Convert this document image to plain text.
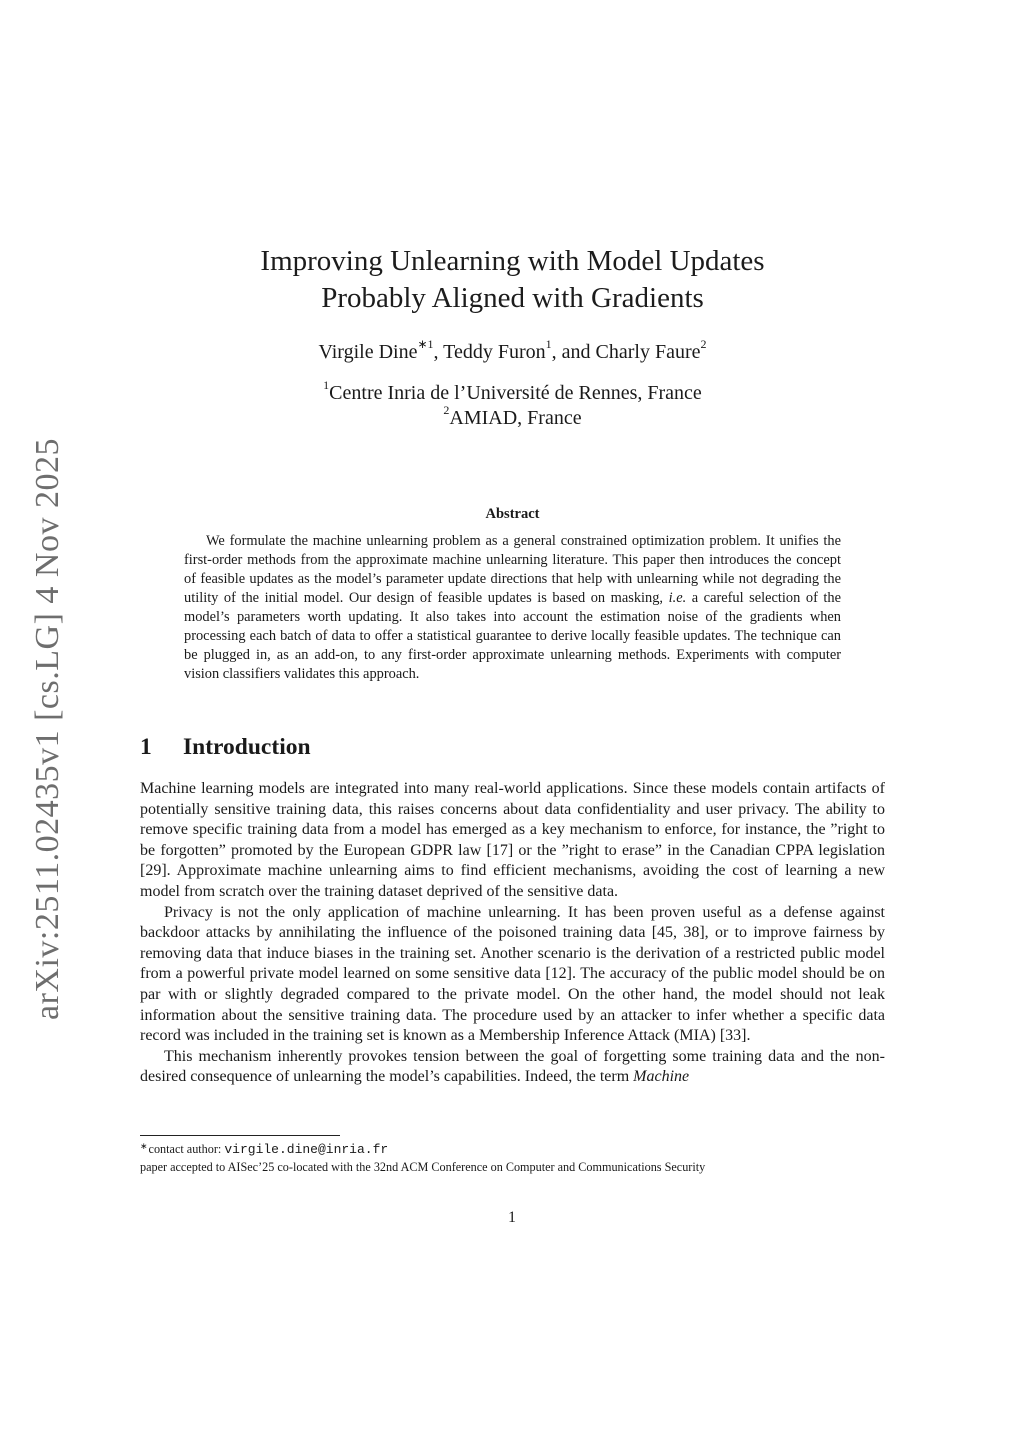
arXiv:2511.02435v1 [cs.LG] 4 Nov 2025
Improving Unlearning with Model Updates
Probably Aligned with Gradients
Virgile Dine$^{∗1}$, Teddy Furon$^1$, and Charly Faure$^2$
$^1$Centre Inria de l’Université de Rennes, France
$^2$AMIAD, France
Abstract

We formulate the machine unlearning problem as a general constrained optimization problem. It unifies the first-order methods from the approximate machine unlearning literature. This paper then introduces the concept of feasible updates as the model’s parameter update directions that help with unlearning while not degrading the utility of the initial model. Our design of feasible updates is based on masking, i.e. a careful selection of the model’s parameters worth updating. It also takes into account the estimation noise of the gradients when processing each batch of data to offer a statistical guarantee to derive locally feasible updates. The technique can be plugged in, as an add-on, to any first-order approximate unlearning methods. Experiments with computer vision classifiers validates this approach.

1	Introduction

Machine learning models are integrated into many real-world applications. Since these models contain artifacts of potentially sensitive training data, this raises concerns about data confidentiality and user privacy. The ability to remove specific training data from a model has emerged as a key mechanism to enforce, for instance, the ”right to be forgotten” promoted by the European GDPR law [17] or the ”right to erase” in the Canadian CPPA legislation [29]. Approximate machine unlearning aims to find efficient mechanisms, avoiding the cost of learning a new model from scratch over the training dataset deprived of the sensitive data.

Privacy is not the only application of machine unlearning. It has been proven useful as a defense against backdoor attacks by annihilating the influence of the poisoned training data [45, 38], or to improve fairness by removing data that induce biases in the training set. Another scenario is the derivation of a restricted public model from a powerful private model learned on some sensitive data [12]. The accuracy of the public model should be on par with or slightly degraded compared to the private model. On the other hand, the model should not leak information about the sensitive training data. The procedure used by an attacker to infer whether a specific data record was included in the training set is known as a Membership Inference Attack (MIA) [33].

This mechanism inherently provokes tension between the goal of forgetting some training data and the non-desired consequence of unlearning the model’s capabilities. Indeed, the term Machine

∗contact author: virgile.dine@inria.fr
paper accepted to AISec’25 co-located with the 32nd ACM Conference on Computer and Communications Security
1
